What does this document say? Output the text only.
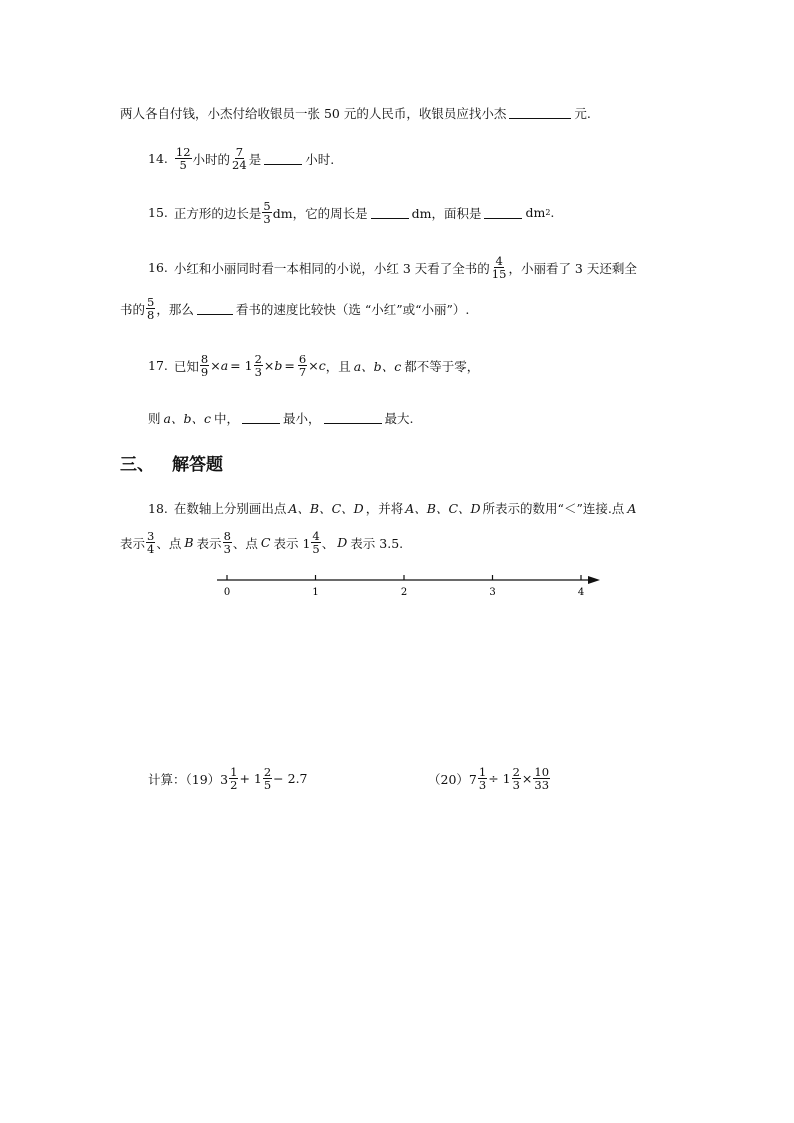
两人各自付钱，小杰付给收银员一张 50 元的人民币，收银员应找小杰	元.
14. $\frac{12}{5}$ 小时的 $\frac{7}{24}$ 是	小时.
15. 正方形的边长是 $\frac{5}{3}$ dm，它的周长是	dm，面积是	dm 2 .
16. 小红和小丽同时看一本相同的小说，小红 3 天看了全书的 $\frac{4}{15}$ ，小丽看了 3 天还剩全
书的 $\frac{5}{8}$ ，那么	看书的速度比较快（选 “小红”或“小丽”）.
17. 已知 $\frac{8}{9} \times a = 1 \frac{2}{3} \times b = \frac{6}{7} \times c$ ，且 a、b、c 都不等于零，
则 a、b、c 中，	最小，	最大.
三、 解答题
18. 在数轴上分别画出点 A、B、C、D ，并将 A、B、C、D 所表示的数用“＜”连接.点 A
表示 $\frac{3}{4}$ 、点 B 表示 $\frac{8}{3}$ 、点 C 表示 $1 \frac{4}{5}$ 、 D 表示 3.5.
0	1	2	3	4
计算：$(19)3 \frac{1}{2} + 1 \frac{2}{5} - 2.7$	$(20)7 \frac{1}{3} \div 1 \frac{2}{3} \times \frac{10}{33}$
